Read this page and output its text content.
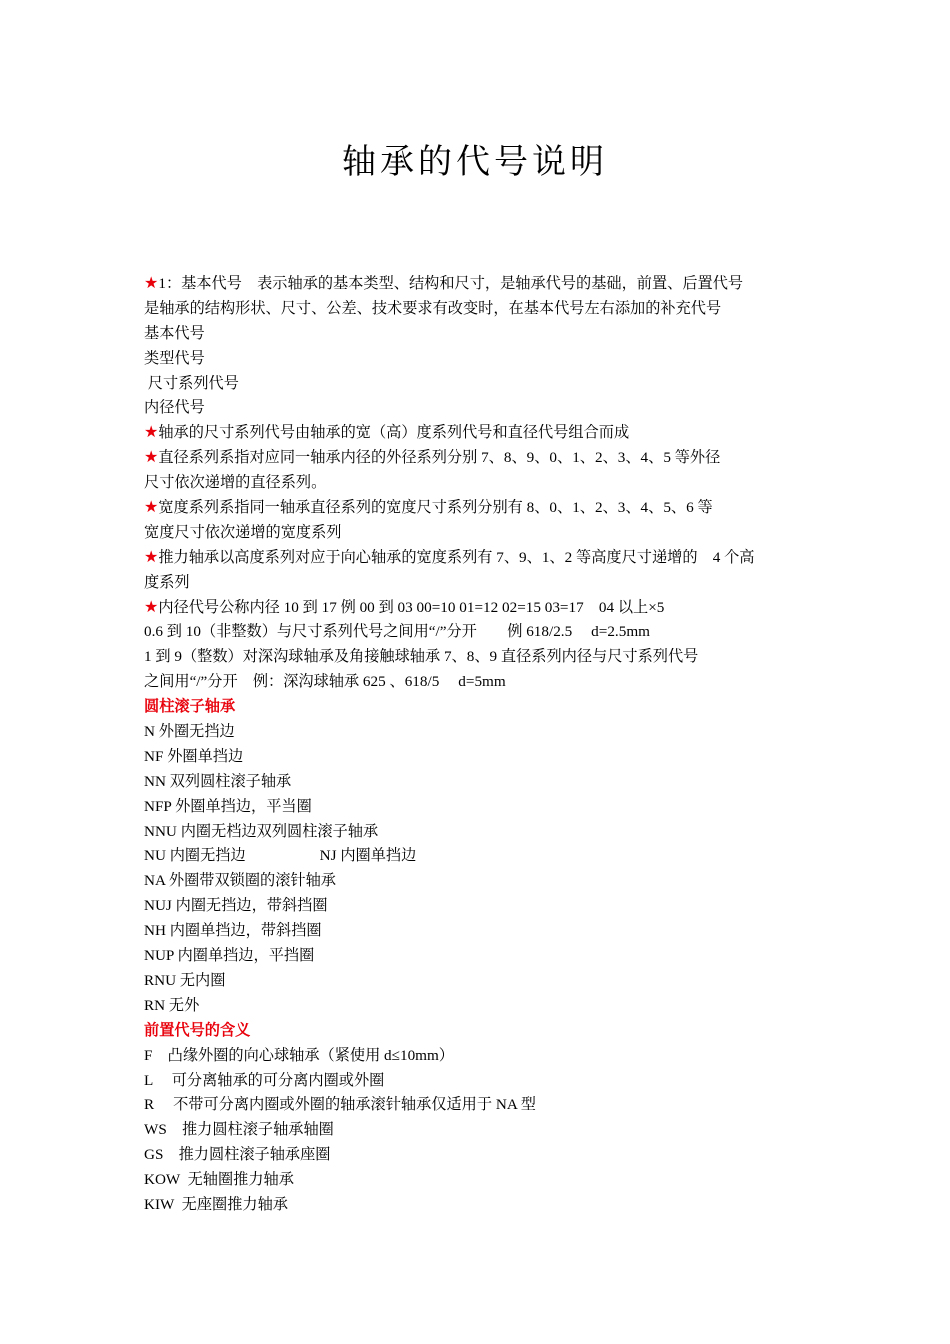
轴承的代号说明
★1：基本代号　表示轴承的基本类型、结构和尺寸，是轴承代号的基础，前置、后置代号
是轴承的结构形状、尺寸、公差、技术要求有改变时，在基本代号左右添加的补充代号
基本代号
类型代号
尺寸系列代号
内径代号
★轴承的尺寸系列代号由轴承的宽（高）度系列代号和直径代号组合而成
★直径系列系指对应同一轴承内径的外径系列分别 7、8、9、0、1、2、3、4、5 等外径
尺寸依次递增的直径系列。
★宽度系列系指同一轴承直径系列的宽度尺寸系列分别有 8、0、1、2、3、4、5、6 等
宽度尺寸依次递增的宽度系列
★推力轴承以高度系列对应于向心轴承的宽度系列有 7、9、1、2 等高度尺寸递增的　4 个高
度系列
★内径代号公称内径 10 到 17 例 00 到 03 00=10 01=12 02=15 03=17　04 以上×5
0.6 到 10（非整数）与尺寸系列代号之间用“/”分开　　例 618/2.5　 d=2.5mm
1 到 9（整数）对深沟球轴承及角接触球轴承 7、8、9 直径系列内径与尺寸系列代号
之间用“/”分开　例：深沟球轴承 625 、618/5　 d=5mm
圆柱滚子轴承
N 外圈无挡边
NF 外圈单挡边
NN 双列圆柱滚子轴承
NFP 外圈单挡边，平当圈
NNU 内圈无档边双列圆柱滚子轴承
NU 内圈无挡边	NJ 内圈单挡边
NA 外圈带双锁圈的滚针轴承
NUJ 内圈无挡边，带斜挡圈
NH 内圈单挡边，带斜挡圈
NUP 内圈单挡边，平挡圈
RNU 无内圈
RN 无外
前置代号的含义
F　凸缘外圈的向心球轴承（紧使用 d≤10mm）
L　 可分离轴承的可分离内圈或外圈
R　 不带可分离内圈或外圈的轴承滚针轴承仅适用于 NA 型
WS　推力圆柱滚子轴承轴圈
GS　推力圆柱滚子轴承座圈
KOW  无轴圈推力轴承
KIW  无座圈推力轴承
